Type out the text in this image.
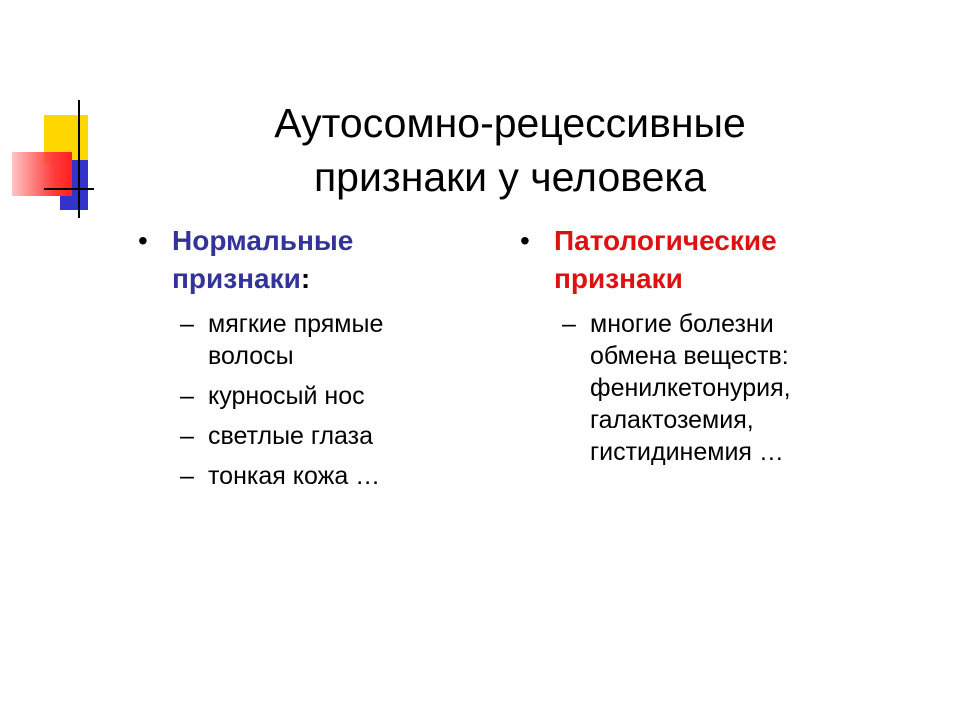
Аутосомно-рецессивные
признаки у человека
• Нормальные признаки:
– мягкие прямые волосы
– курносый нос
– светлые глаза
– тонкая кожа …
• Патологические признаки
– многие болезни обмена веществ: фенилкетонурия, галактоземия, гистидинемия …
